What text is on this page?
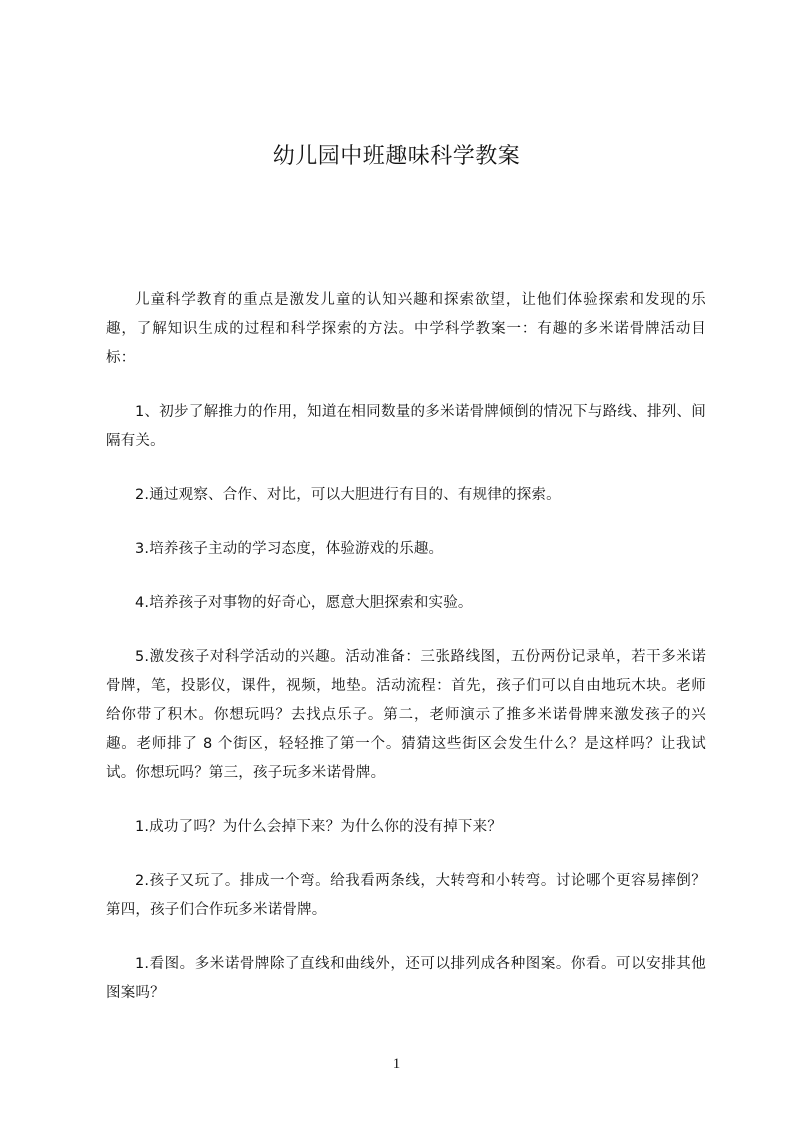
幼儿园中班趣味科学教案

儿童科学教育的重点是激发儿童的认知兴趣和探索欲望，让他们体验探索和发现的乐趣，了解知识生成的过程和科学探索的方法。中学科学教案一：有趣的多米诺骨牌活动目标：

1、初步了解推力的作用，知道在相同数量的多米诺骨牌倾倒的情况下与路线、排列、间隔有关。

2.通过观察、合作、对比，可以大胆进行有目的、有规律的探索。

3.培养孩子主动的学习态度，体验游戏的乐趣。

4.培养孩子对事物的好奇心，愿意大胆探索和实验。

5.激发孩子对科学活动的兴趣。活动准备：三张路线图，五份两份记录单，若干多米诺骨牌，笔，投影仪，课件，视频，地垫。活动流程：首先，孩子们可以自由地玩木块。老师给你带了积木。你想玩吗？去找点乐子。第二，老师演示了推多米诺骨牌来激发孩子的兴趣。老师排了 8 个街区，轻轻推了第一个。猜猜这些街区会发生什么？是这样吗？让我试试。你想玩吗？第三，孩子玩多米诺骨牌。

1.成功了吗？为什么会掉下来？为什么你的没有掉下来？

2.孩子又玩了。排成一个弯。给我看两条线，大转弯和小转弯。讨论哪个更容易摔倒？第四，孩子们合作玩多米诺骨牌。

1.看图。多米诺骨牌除了直线和曲线外，还可以排列成各种图案。你看。可以安排其他图案吗？

1
